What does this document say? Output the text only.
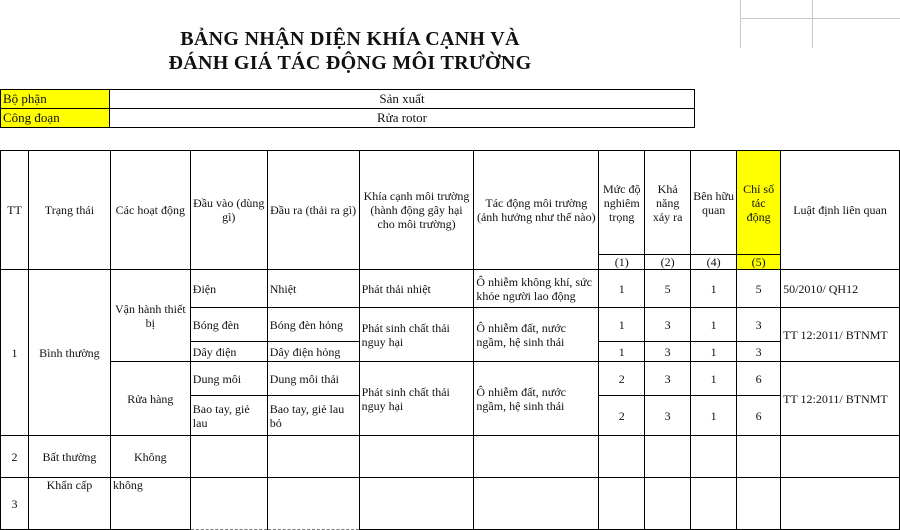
BẢNG NHẬN DIỆN KHÍA CẠNH VÀ
ĐÁNH GIÁ TÁC ĐỘNG MÔI TRƯỜNG
Bộ phận	Sản xuất
Công đoạn	Rửa rotor
TT	Trạng thái	Các hoạt động	Đầu vào (dùng gì)	Đầu ra (thải ra gì)	Khía cạnh môi trường (hành động gây hại cho môi trường)	Tác động môi trường (ảnh hưởng như thế nào)	Mức độ nghiêm trọng	Khả năng xảy ra	Bên hữu quan	Chỉ số tác động	Luật định liên quan
							(1)	(2)	(4)	(5)	
1	Bình thường	Vận hành thiết bị	Điện	Nhiệt	Phát thải nhiệt	Ô nhiễm không khí, sức khỏe người lao động	1	5	1	5	50/2010/ QH12
			Bóng đèn	Bóng đèn hỏng	Phát sinh chất thải nguy hại	Ô nhiễm đất, nước ngầm, hệ sinh thái	1	3	1	3	TT 12:2011/ BTNMT
			Dây điện	Dây điện hỏng			1	3	1	3	
		Rửa hàng	Dung môi	Dung môi thải	Phát sinh chất thải nguy hại	Ô nhiễm đất, nước ngầm, hệ sinh thái	2	3	1	6	TT 12:2011/ BTNMT
			Bao tay, giẻ lau	Bao tay, giẻ lau bỏ			2	3	1	6	
2	Bất thường	Không									
3	Khẩn cấp	không									
